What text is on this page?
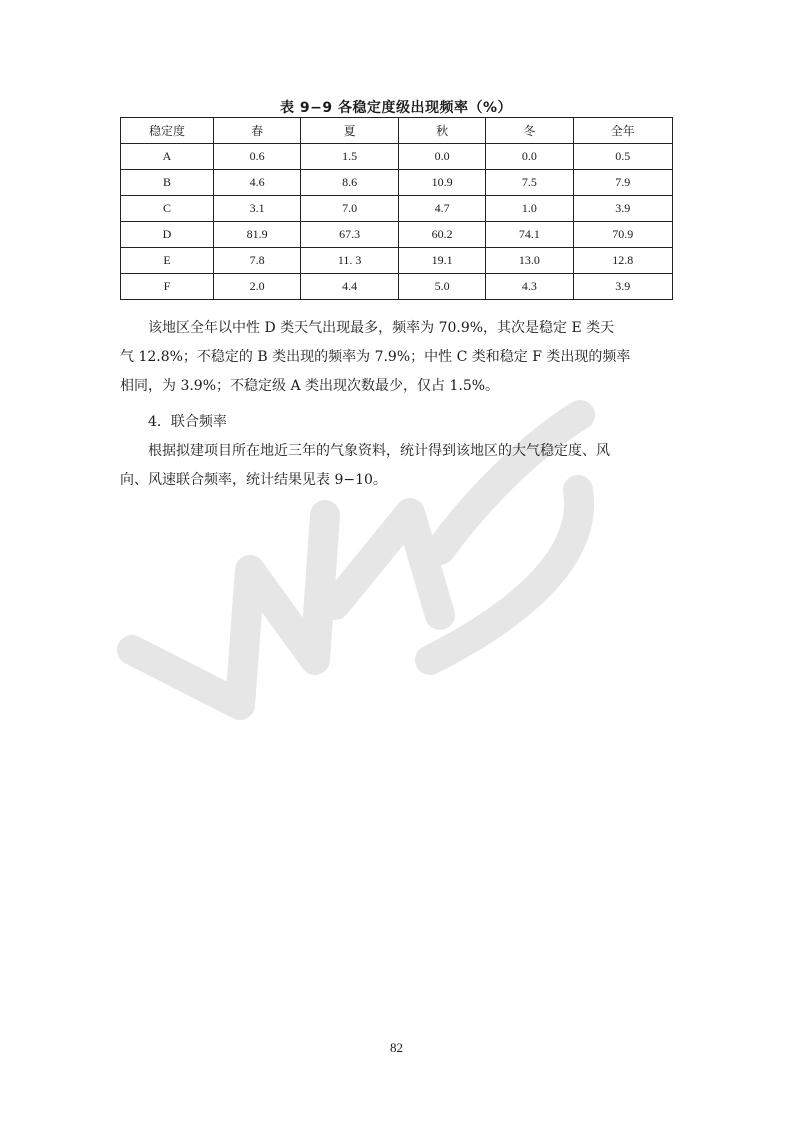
表 9−9 各稳定度级出现频率（%）
稳定度	春	夏	秋	冬	全年
A	0.6	1.5	0.0	0.0	0.5
B	4.6	8.6	10.9	7.5	7.9
C	3.1	7.0	4.7	1.0	3.9
D	81.9	67.3	60.2	74.1	70.9
E	7.8	11. 3	19.1	13.0	12.8
F	2.0	4.4	5.0	4.3	3.9
该地区全年以中性 D 类天气出现最多，频率为 70.9%，其次是稳定 E 类天
气 12.8%；不稳定的 B 类出现的频率为 7.9%；中性 C 类和稳定 F 类出现的频率
相同，为 3.9%；不稳定级 A 类出现次数最少，仅占 1.5%。
4．联合频率
根据拟建项目所在地近三年的气象资料，统计得到该地区的大气稳定度、风
向、风速联合频率，统计结果见表 9−10。
82
